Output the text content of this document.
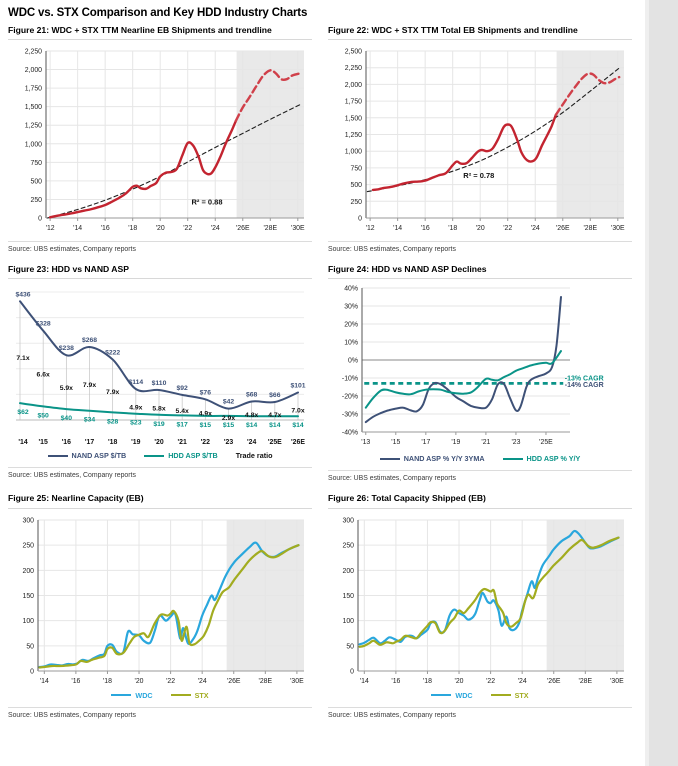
WDC vs. STX Comparison and Key HDD Industry Charts
Figure 21: WDC + STX TTM Nearline EB Shipments and trendline
0
250
500
750
1,000
1,250
1,500
1,750
2,000
2,250
'12	'14	'16	'18	'20	'22	'24 '26E '28E '30E
R² = 0.88
Source: UBS estimates, Company reports
Figure 22: WDC + STX TTM Total EB Shipments and trendline
0
250
500
750
1,000
1,250
1,500
1,750
2,000
2,250
2,500
'12	'14	'16	'18	'20	'22	'24 '26E '28E '30E
R² = 0.78
Source: UBS estimates, Company reports
Figure 23: HDD vs NAND ASP
$436
$62
7.1x
'14
$328
$50
6.6x
'15
$238
$40
5.9x
'16
$268
$34
7.9x
'17
$222
$28
7.9x
'18
$114
$23
4.9x
'19
$110
$19
5.8x
'20
$92
$17
5.4x
'21
$76
$15
4.9x
'22
$42
$15
2.9x
'23
$68
$14
4.8x
'24
$66
$14
4.7x
'25E
$101
$14
7.0x
'26E
NAND ASP $/TB	HDD ASP $/TB	Trade ratio
Source: UBS estimates, Company reports
Figure 24: HDD vs NAND ASP Declines
40%
30%
20%
10%
0%
-10%
-20%
-30%
-40%
'13	'15	'17	'19	'21	'23	'25E
-13% CAGR
-14% CAGR
NAND ASP % Y/Y 3YMA	HDD ASP % Y/Y
Source: UBS estimates, Company reports
Figure 25: Nearline Capacity (EB)
0
50
100
150
200
250
300
'14	'16	'18	'20	'22	'24	'26E	'28E	'30E
WDC	STX
Source: UBS estimates, Company reports
Figure 26: Total Capacity Shipped (EB)
0
50
100
150
200
250
300
'14	'16	'18	'20	'22	'24	'26E	'28E	'30E
WDC	STX
Source: UBS estimates, Company reports
